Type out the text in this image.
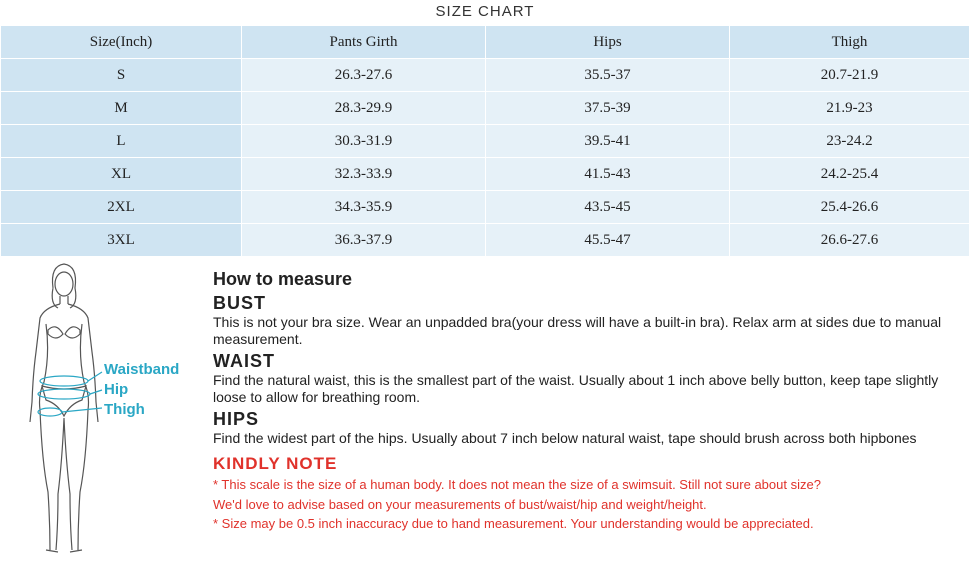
SIZE CHART
Size(Inch)	Pants Girth	Hips	Thigh
S	26.3-27.6	35.5-37	20.7-21.9
M	28.3-29.9	37.5-39	21.9-23
L	30.3-31.9	39.5-41	23-24.2
XL	32.3-33.9	41.5-43	24.2-25.4
2XL	34.3-35.9	43.5-45	25.4-26.6
3XL	36.3-37.9	45.5-47	26.6-27.6
Waistband
Hip
Thigh
How to measure
BUST
This is not your bra size. Wear an unpadded bra(your dress will have a built-in bra). Relax arm at sides due to manual measurement.
WAIST
Find the natural waist, this is the smallest part of the waist. Usually about 1 inch above belly button, keep tape slightly loose to allow for breathing room.
HIPS
Find the widest part of the hips. Usually about 7 inch below natural waist, tape should brush across both hipbones
KINDLY NOTE
* This scale is the size of a human body. It does not mean the size of a swimsuit. Still not sure about size?
We'd love to advise based on your measurements of bust/waist/hip and weight/height.
* Size may be 0.5 inch inaccuracy due to hand measurement. Your understanding would be appreciated.
